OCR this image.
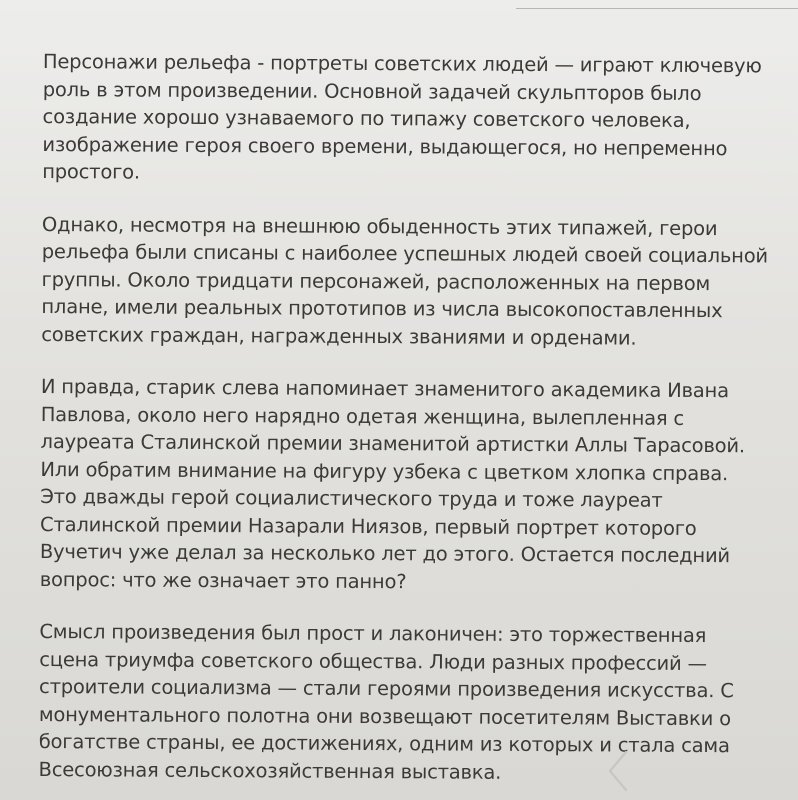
Персонажи рельефа - портреты советских людей — играют ключевую роль в этом произведении. Основной задачей скульпторов было создание хорошо узнаваемого по типажу советского человека, изображение героя своего времени, выдающегося, но непременно простого.

Однако, несмотря на внешнюю обыденность этих типажей, герои рельефа были списаны с наиболее успешных людей своей социальной группы. Около тридцати персонажей, расположенных на первом плане, имели реальных прототипов из числа высокопоставленных советских граждан, награжденных званиями и орденами.

И правда, старик слева напоминает знаменитого академика Ивана Павлова, около него нарядно одетая женщина, вылепленная с лауреата Сталинской премии знаменитой артистки Аллы Тарасовой. Или обратим внимание на фигуру узбека с цветком хлопка справа. Это дважды герой социалистического труда и тоже лауреат Сталинской премии Назарали Ниязов, первый портрет которого Вучетич уже делал за несколько лет до этого. Остается последний вопрос: что же означает это панно?

Смысл произведения был прост и лаконичен: это торжественная сцена триумфа советского общества. Люди разных профессий — строители социализма — стали героями произведения искусства. С монументального полотна они возвещают посетителям Выставки о богатстве страны, ее достижениях, одним из которых и стала сама Всесоюзная сельскохозяйственная выставка.
